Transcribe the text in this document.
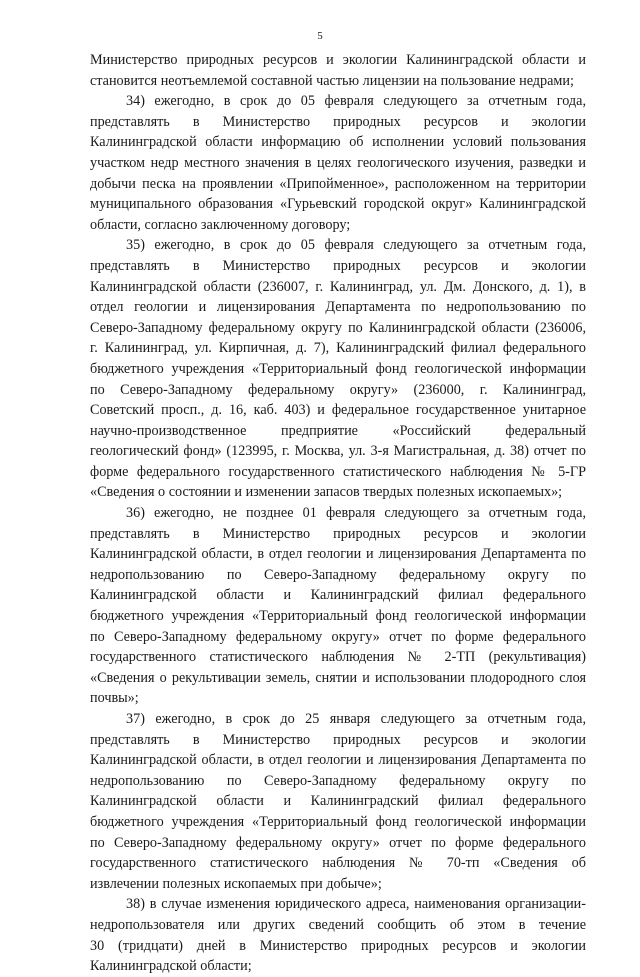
5
Министерство природных ресурсов и экологии Калининградской области и
становится неотъемлемой составной частью лицензии на пользование недрами;
34) ежегодно, в срок до 05 февраля следующего за отчетным года,
представлять в Министерство природных ресурсов и экологии
Калининградской области информацию об исполнении условий пользования
участком недр местного значения в целях геологического изучения, разведки и
добычи песка на проявлении «Припойменное», расположенном на территории
муниципального образования «Гурьевский городской округ» Калининградской
области, согласно заключенному договору;
35) ежегодно, в срок до 05 февраля следующего за отчетным года,
представлять в Министерство природных ресурсов и экологии
Калининградской области (236007, г. Калининград, ул. Дм. Донского, д. 1), в
отдел геологии и лицензирования Департамента по недропользованию по
Северо-Западному федеральному округу по Калининградской области (236006,
г. Калининград, ул. Кирпичная, д. 7), Калининградский филиал федерального
бюджетного учреждения «Территориальный фонд геологической информации
по Северо-Западному федеральному округу» (236000, г. Калининград,
Советский просп., д. 16, каб. 403) и федеральное государственное унитарное
научно-производственное предприятие «Российский федеральный
геологический фонд» (123995, г. Москва, ул. 3-я Магистральная, д. 38) отчет по
форме федерального государственного статистического наблюдения № 5-ГР
«Сведения о состоянии и изменении запасов твердых полезных ископаемых»;
36) ежегодно, не позднее 01 февраля следующего за отчетным года,
представлять в Министерство природных ресурсов и экологии
Калининградской области, в отдел геологии и лицензирования Департамента по
недропользованию по Северо-Западному федеральному округу по
Калининградской области и Калининградский филиал федерального
бюджетного учреждения «Территориальный фонд геологической информации
по Северо-Западному федеральному округу» отчет по форме федерального
государственного статистического наблюдения № 2-ТП (рекультивация)
«Сведения о рекультивации земель, снятии и использовании плодородного слоя
почвы»;
37) ежегодно, в срок до 25 января следующего за отчетным года,
представлять в Министерство природных ресурсов и экологии
Калининградской области, в отдел геологии и лицензирования Департамента по
недропользованию по Северо-Западному федеральному округу по
Калининградской области и Калининградский филиал федерального
бюджетного учреждения «Территориальный фонд геологической информации
по Северо-Западному федеральному округу» отчет по форме федерального
государственного статистического наблюдения № 70-тп «Сведения об
извлечении полезных ископаемых при добыче»;
38) в случае изменения юридического адреса, наименования организации-
недропользователя или других сведений сообщить об этом в течение
30 (тридцати) дней в Министерство природных ресурсов и экологии
Калининградской области;
